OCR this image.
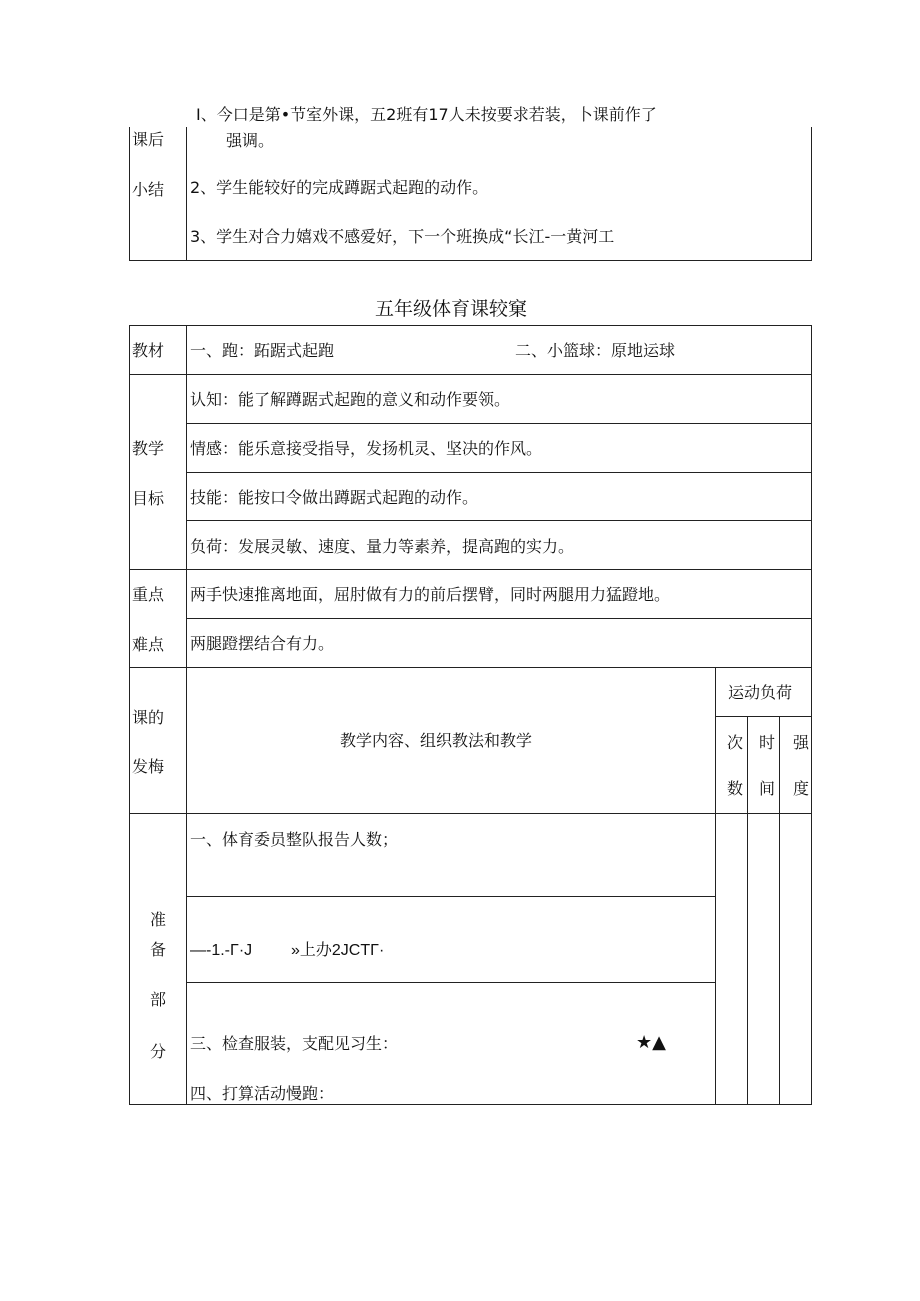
课后
小结
I、今口是第•节室外课，五2班有17人未按要求若装，卜课前作了
强调。
2、学生能较好的完成蹲踞式起跑的动作。
3、学生对合力嬉戏不感爱好，下一个班换成“长江-一黄河工
五年级体育课较窠
教材 一、跑：跖踞式起跑	二、小篮球：原地运球
教学
目标
认知：能了解蹲踞式起跑的意义和动作要领。
情感：能乐意接受指导，发扬机灵、坚决的作风。
技能：能按口令做出蹲踞式起跑的动作。
负荷：发展灵敏、速度、量力等素养，提高跑的实力。
重点
难点
两手快速推离地面，屈肘做有力的前后摆臂，同时两腿用力猛蹬地。
两腿蹬摆结合有力。
课的
发梅
教学内容、组织教法和教学
运动负荷
次
数
时
间
强
度
准
备
部
分
一、体育委员整队报告人数；
—-1.-Γ·J »上办2JCTΓ·
三、检查服装，支配见习生：	★▲
四、打算活动慢跑：
